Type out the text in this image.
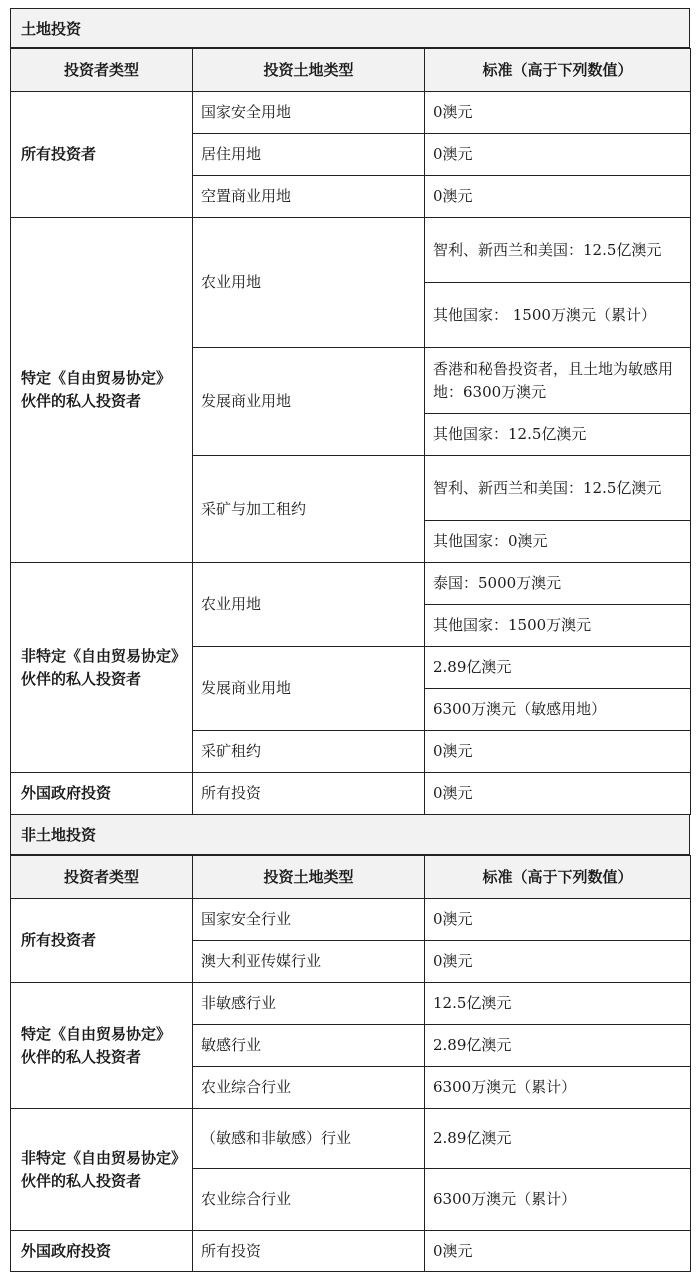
土地投资
投资者类型	投资土地类型	标准（高于下列数值）
所有投资者	国家安全用地	0澳元
	居住用地	0澳元
	空置商业用地	0澳元
特定《自由贸易协定》伙伴的私人投资者	农业用地	智利、新西兰和美国：12.5亿澳元
		其他国家： 1500万澳元（累计）
	发展商业用地	香港和秘鲁投资者，且土地为敏感用地：6300万澳元
		其他国家：12.5亿澳元
	采矿与加工租约	智利、新西兰和美国：12.5亿澳元
		其他国家：0澳元
非特定《自由贸易协定》伙伴的私人投资者	农业用地	泰国：5000万澳元
		其他国家：1500万澳元
	发展商业用地	2.89亿澳元
		6300万澳元（敏感用地）
	采矿租约	0澳元
外国政府投资	所有投资	0澳元
非土地投资
投资者类型	投资土地类型	标准（高于下列数值）
所有投资者	国家安全行业	0澳元
	澳大利亚传媒行业	0澳元
特定《自由贸易协定》伙伴的私人投资者	非敏感行业	12.5亿澳元
	敏感行业	2.89亿澳元
	农业综合行业	6300万澳元（累计）
非特定《自由贸易协定》伙伴的私人投资者	（敏感和非敏感）行业	2.89亿澳元
	农业综合行业	6300万澳元（累计）
外国政府投资	所有投资	0澳元
